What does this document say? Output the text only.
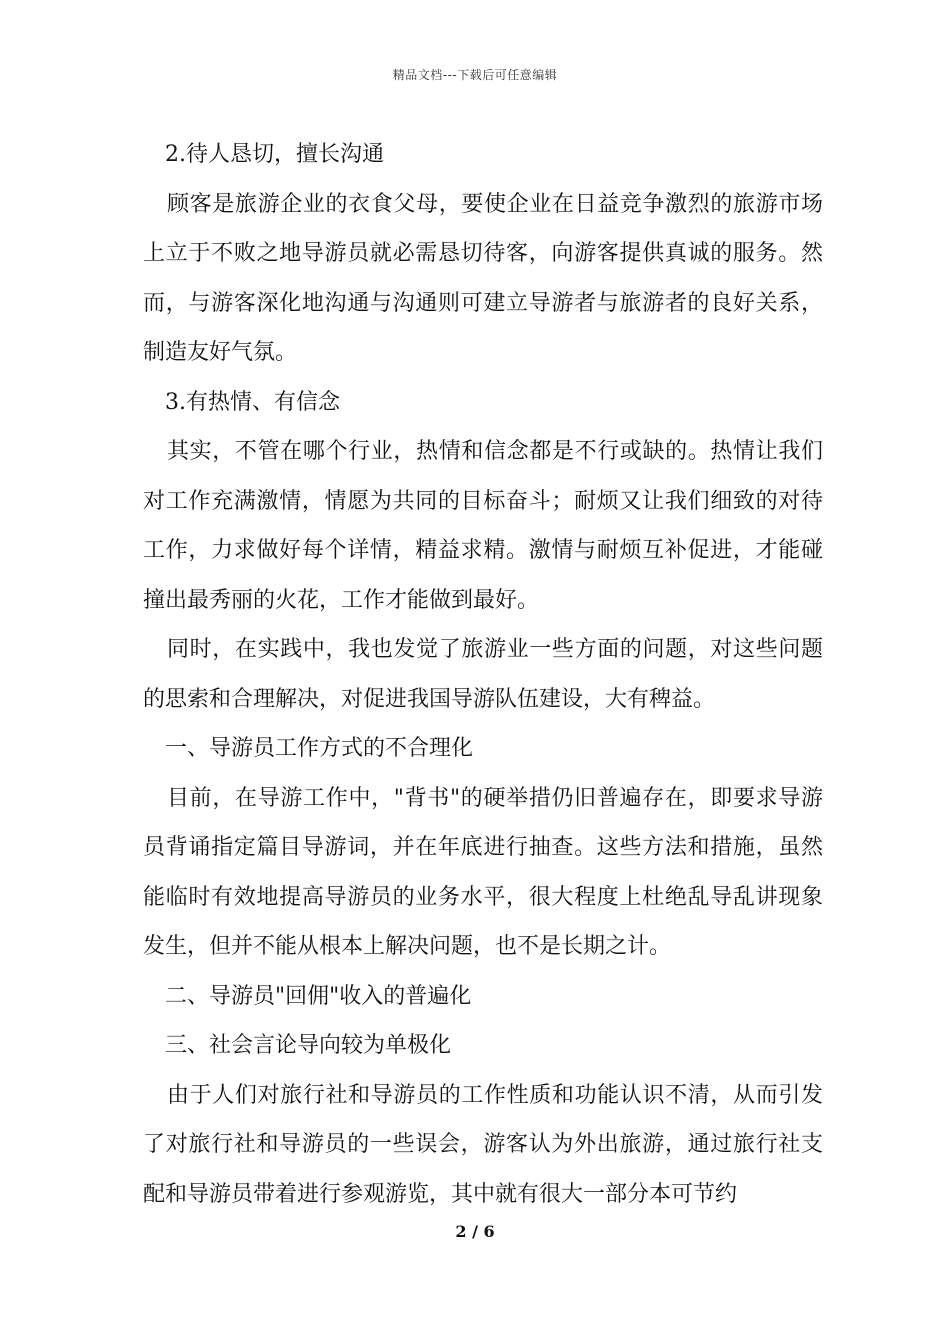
精品文档---下载后可任意编辑

2.待人恳切，擅长沟通

顾客是旅游企业的衣食父母，要使企业在日益竞争激烈的旅游市场上立于不败之地导游员就必需恳切待客，向游客提供真诚的服务。然而，与游客深化地沟通与沟通则可建立导游者与旅游者的良好关系，制造友好气氛。

3.有热情、有信念

其实，不管在哪个行业，热情和信念都是不行或缺的。热情让我们对工作充满激情，情愿为共同的目标奋斗；耐烦又让我们细致的对待工作，力求做好每个详情，精益求精。激情与耐烦互补促进，才能碰撞出最秀丽的火花，工作才能做到最好。

同时，在实践中，我也发觉了旅游业一些方面的问题，对这些问题的思索和合理解决，对促进我国导游队伍建设，大有稗益。

一、导游员工作方式的不合理化

目前，在导游工作中，"背书"的硬举措仍旧普遍存在，即要求导游员背诵指定篇目导游词，并在年底进行抽查。这些方法和措施，虽然能临时有效地提高导游员的业务水平，很大程度上杜绝乱导乱讲现象发生，但并不能从根本上解决问题，也不是长期之计。

二、导游员"回佣"收入的普遍化

三、社会言论导向较为单极化

由于人们对旅行社和导游员的工作性质和功能认识不清，从而引发了对旅行社和导游员的一些误会，游客认为外出旅游，通过旅行社支配和导游员带着进行参观游览，其中就有很大一部分本可节约

2 / 6
